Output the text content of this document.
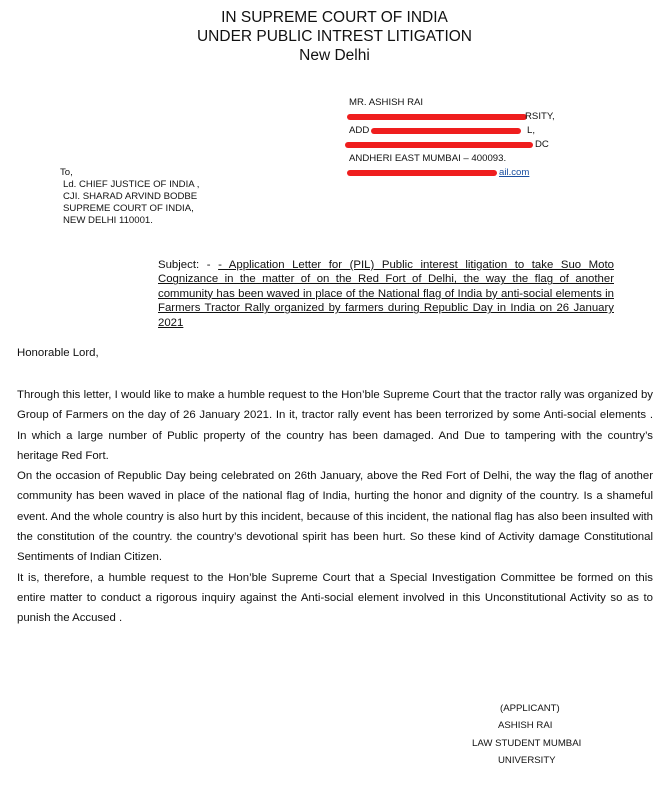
IN SUPREME COURT OF INDIA
UNDER PUBLIC INTREST LITIGATION
New Delhi
MR. ASHISH RAI
RSITY,
ADD	L,
DC
ANDHERI EAST MUMBAI – 400093.
ail.com
To,
Ld. CHIEF JUSTICE OF INDIA ,
CJI. SHARAD ARVIND BODBE
SUPREME COURT OF INDIA,
NEW DELHI 110001.
Subject: - - Application Letter for (PIL) Public interest litigation to take Suo Moto Cognizance in the matter of on the Red Fort of Delhi, the way the flag of another community has been waved in place of the National flag of India by anti-social elements in Farmers Tractor Rally organized by farmers during Republic Day in India on 26 January 2021
Honorable Lord,

Through this letter, I would like to make a humble request to the Hon’ble Supreme Court that the tractor rally was organized by Group of Farmers on the day of 26 January 2021. In it, tractor rally event has been terrorized by some Anti-social elements . In which a large number of Public property of the country has been damaged. And Due to tampering with the country’s heritage Red Fort.

On the occasion of Republic Day being celebrated on 26th January, above the Red Fort of Delhi, the way the flag of another community has been waved in place of the national flag of India, hurting the honor and dignity of the country. Is a shameful event. And the whole country is also hurt by this incident, because of this incident, the national flag has also been insulted with the constitution of the country. the country’s devotional spirit has been hurt. So these kind of Activity damage Constitutional Sentiments of Indian Citizen.

It is, therefore, a humble request to the Hon’ble Supreme Court that a Special Investigation Committee be formed on this entire matter to conduct a rigorous inquiry against the Anti-social element involved in this Unconstitutional Activity so as to punish the Accused .

(APPLICANT)
ASHISH RAI
LAW STUDENT MUMBAI
UNIVERSITY
